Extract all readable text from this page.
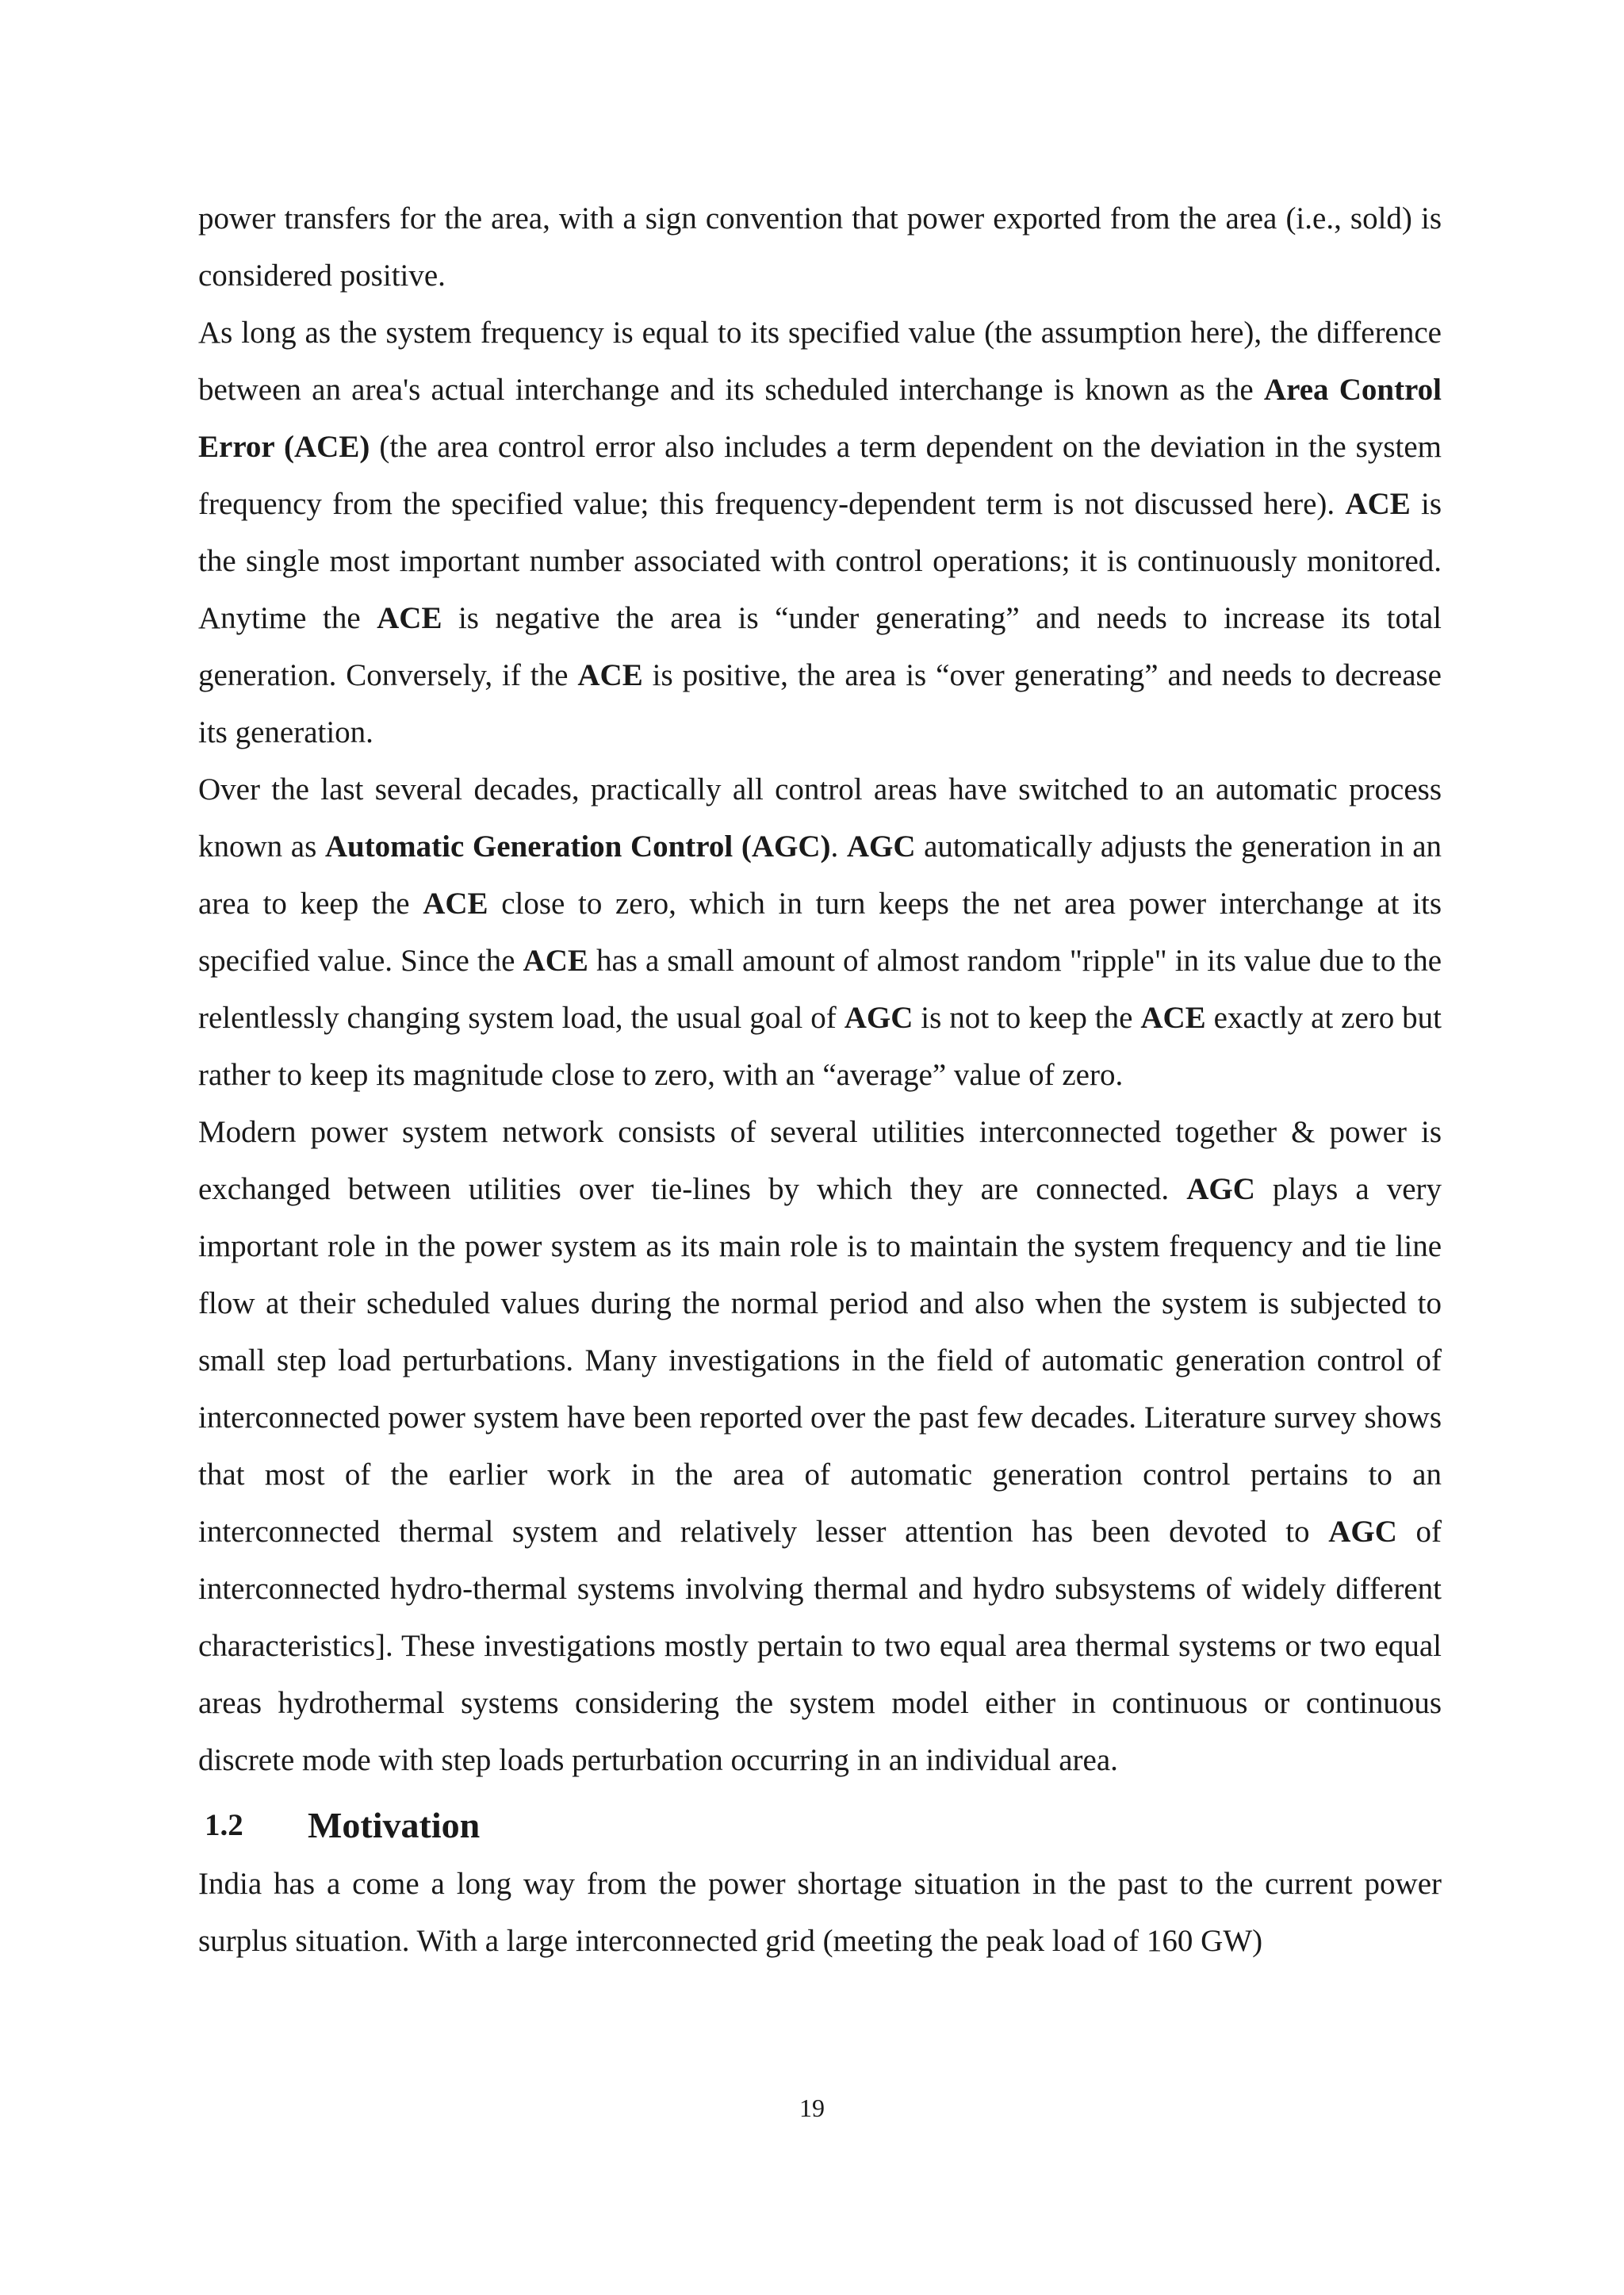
power transfers for the area, with a sign convention that power exported from the area (i.e., sold) is considered positive.

As long as the system frequency is equal to its specified value (the assumption here), the difference between an area's actual interchange and its scheduled interchange is known as the Area Control Error (ACE) (the area control error also includes a term dependent on the deviation in the system frequency from the specified value; this frequency-dependent term is not discussed here). ACE is the single most important number associated with control operations; it is continuously monitored. Anytime the ACE is negative the area is “under generating” and needs to increase its total generation. Conversely, if the ACE is positive, the area is “over generating” and needs to decrease its generation.

Over the last several decades, practically all control areas have switched to an automatic process known as Automatic Generation Control (AGC). AGC automatically adjusts the generation in an area to keep the ACE close to zero, which in turn keeps the net area power interchange at its specified value. Since the ACE has a small amount of almost random "ripple" in its value due to the relentlessly changing system load, the usual goal of AGC is not to keep the ACE exactly at zero but rather to keep its magnitude close to zero, with an “average” value of zero.

Modern power system network consists of several utilities interconnected together & power is exchanged between utilities over tie-lines by which they are connected. AGC plays a very important role in the power system as its main role is to maintain the system frequency and tie line flow at their scheduled values during the normal period and also when the system is subjected to small step load perturbations. Many investigations in the field of automatic generation control of interconnected power system have been reported over the past few decades. Literature survey shows that most of the earlier work in the area of automatic generation control pertains to an interconnected thermal system and relatively lesser attention has been devoted to AGC of interconnected hydro-thermal systems involving thermal and hydro subsystems of widely different characteristics]. These investigations mostly pertain to two equal area thermal systems or two equal areas hydrothermal systems considering the system model either in continuous or continuous discrete mode with step loads perturbation occurring in an individual area.

1.2	Motivation

India has a come a long way from the power shortage situation in the past to the current power surplus situation. With a large interconnected grid (meeting the peak load of 160 GW)

19
